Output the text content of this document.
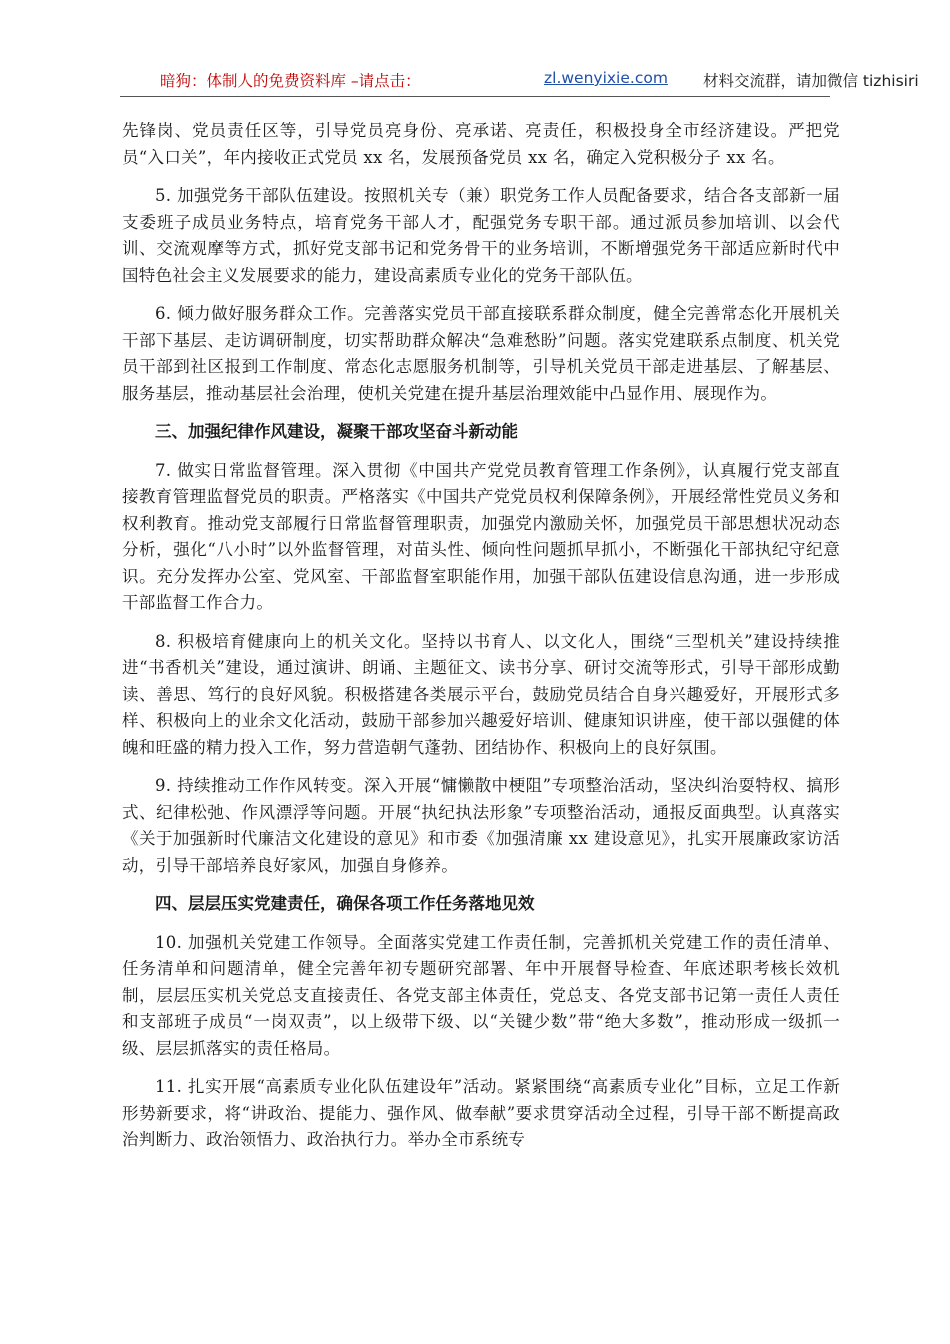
暗狗：体制人的免费资料库 –请点击：	zl.wenyixie.com 材料交流群，请加微信 tizhisiri

先锋岗、党员责任区等，引导党员亮身份、亮承诺、亮责任，积极投身全市经济建设。严把党员“入口关”，年内接收正式党员 xx 名，发展预备党员 xx 名，确定入党积极分子 xx 名。

5. 加强党务干部队伍建设。按照机关专（兼）职党务工作人员配备要求，结合各支部新一届支委班子成员业务特点，培育党务干部人才，配强党务专职干部。通过派员参加培训、以会代训、交流观摩等方式，抓好党支部书记和党务骨干的业务培训，不断增强党务干部适应新时代中国特色社会主义发展要求的能力，建设高素质专业化的党务干部队伍。

6. 倾力做好服务群众工作。完善落实党员干部直接联系群众制度，健全完善常态化开展机关干部下基层、走访调研制度，切实帮助群众解决“急难愁盼”问题。落实党建联系点制度、机关党员干部到社区报到工作制度、常态化志愿服务机制等，引导机关党员干部走进基层、了解基层、服务基层，推动基层社会治理，使机关党建在提升基层治理效能中凸显作用、展现作为。

三、加强纪律作风建设，凝聚干部攻坚奋斗新动能

7. 做实日常监督管理。深入贯彻《中国共产党党员教育管理工作条例》，认真履行党支部直接教育管理监督党员的职责。严格落实《中国共产党党员权利保障条例》，开展经常性党员义务和权利教育。推动党支部履行日常监督管理职责，加强党内激励关怀，加强党员干部思想状况动态分析，强化“八小时”以外监督管理，对苗头性、倾向性问题抓早抓小，不断强化干部执纪守纪意识。充分发挥办公室、党风室、干部监督室职能作用，加强干部队伍建设信息沟通，进一步形成干部监督工作合力。

8. 积极培育健康向上的机关文化。坚持以书育人、以文化人，围绕“三型机关”建设持续推进“书香机关”建设，通过演讲、朗诵、主题征文、读书分享、研讨交流等形式，引导干部形成勤读、善思、笃行的良好风貌。积极搭建各类展示平台，鼓励党员结合自身兴趣爱好，开展形式多样、积极向上的业余文化活动，鼓励干部参加兴趣爱好培训、健康知识讲座，使干部以强健的体魄和旺盛的精力投入工作，努力营造朝气蓬勃、团结协作、积极向上的良好氛围。

9. 持续推动工作作风转变。深入开展“慵懒散中梗阻”专项整治活动，坚决纠治耍特权、搞形式、纪律松弛、作风漂浮等问题。开展“执纪执法形象”专项整治活动，通报反面典型。认真落实《关于加强新时代廉洁文化建设的意见》和市委《加强清廉 xx 建设意见》，扎实开展廉政家访活动，引导干部培养良好家风，加强自身修养。

四、层层压实党建责任，确保各项工作任务落地见效

10. 加强机关党建工作领导。全面落实党建工作责任制，完善抓机关党建工作的责任清单、任务清单和问题清单，健全完善年初专题研究部署、年中开展督导检查、年底述职考核长效机制，层层压实机关党总支直接责任、各党支部主体责任，党总支、各党支部书记第一责任人责任和支部班子成员“一岗双责”，以上级带下级、以“关键少数”带“绝大多数”，推动形成一级抓一级、层层抓落实的责任格局。

11. 扎实开展“高素质专业化队伍建设年”活动。紧紧围绕“高素质专业化”目标，立足工作新形势新要求，将“讲政治、提能力、强作风、做奉献”要求贯穿活动全过程，引导干部不断提高政治判断力、政治领悟力、政治执行力。举办全市系统专
